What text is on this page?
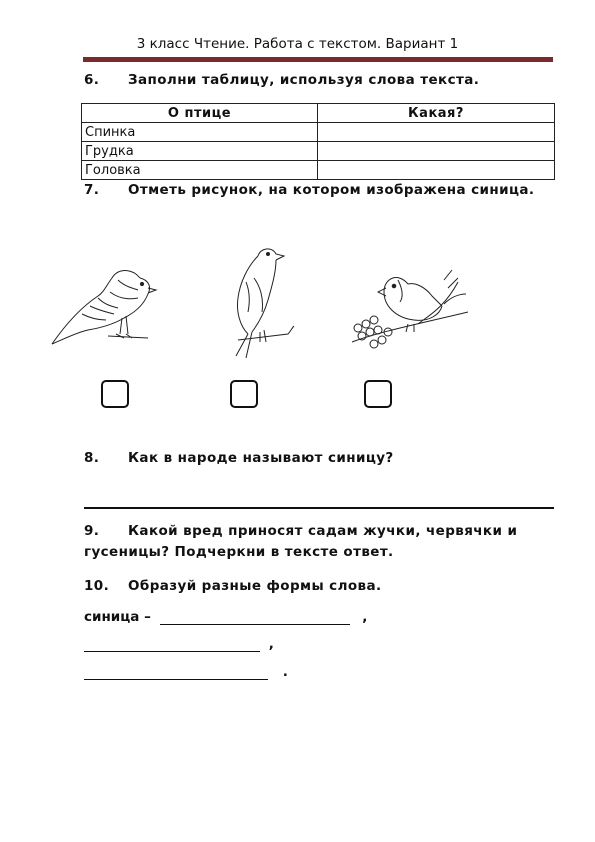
3 класс Чтение. Работа с текстом. Вариант 1
6. Заполни таблицу, используя слова текста.
О птице	Какая?
Спинка	
Грудка	
Головка	
7. Отметь рисунок, на котором изображена синица.
8. Как в народе называют синицу?
9. Какой вред приносят садам жучки, червячки и гусеницы? Подчеркни в тексте ответ.
10. Образуй разные формы слова.
синица –	,
,
.
